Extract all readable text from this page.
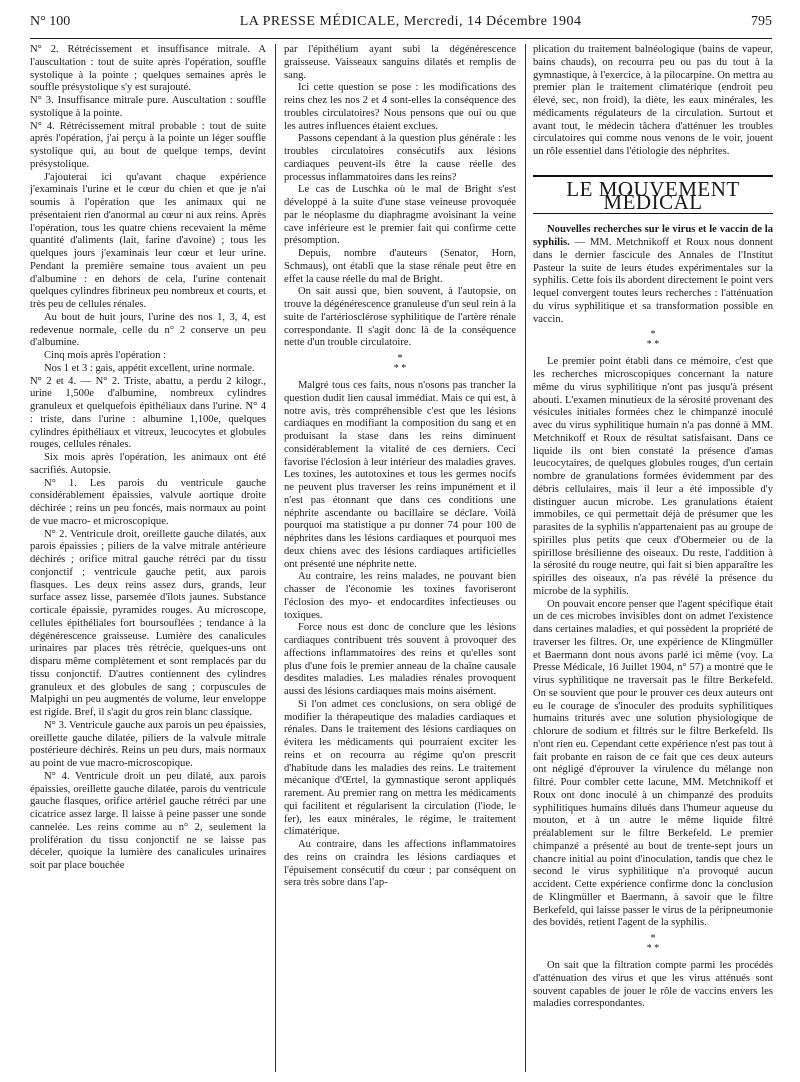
N° 100	LA PRESSE MÉDICALE, Mercredi, 14 Décembre 1904	795

N° 2. Rétrécissement et insuffisance mitrale. A l'auscultation : tout de suite après l'opération, souffle systolique à la pointe ; quelques semaines après le souffle présystolique s'y est surajouté.

N° 3. Insuffisance mitrale pure. Auscultation : souffle systolique à la pointe.

N° 4. Rétrécissement mitral probable : tout de suite après l'opération, j'ai perçu à la pointe un léger souffle systolique qui, au bout de quelque temps, devint présystolique.

J'ajouterai ici qu'avant chaque expérience j'examinais l'urine et le cœur du chien et que je n'ai soumis à l'opération que les animaux qui ne présentaient rien d'anormal au cœur ni aux reins. Après l'opération, tous les quatre chiens recevaient la même quantité d'aliments (lait, farine d'avoine) ; tous les quelques jours j'examinais leur cœur et leur urine. Pendant la première semaine tous avaient un peu d'albumine : en dehors de cela, l'urine contenait quelques cylindres fibrineux peu nombreux et courts, et très peu de cellules rénales.

Au bout de huit jours, l'urine des nos 1, 3, 4, est redevenue normale, celle du n° 2 conserve un peu d'albumine.

Cinq mois après l'opération :

Nos 1 et 3 : gais, appétit excellent, urine normale.

N° 2 et 4. — N° 2. Triste, abattu, a perdu 2 kilogr., urine 1,500e d'albumine, nombreux cylindres granuleux et quelquefois épithéliaux dans l'urine. N° 4 : triste, dans l'urine : albumine 1,100e, quelques cylindres épithéliaux et vitreux, leucocytes et globules rouges, cellules rénales.

Six mois après l'opération, les animaux ont été sacrifiés. Autopsie.

N° 1. Les parois du ventricule gauche considérablement épaissies, valvule aortique droite déchirée ; reins un peu foncés, mais normaux au point de vue macro- et microscopique.

N° 2. Ventricule droit, oreillette gauche dilatés, aux parois épaissies ; piliers de la valve mitrale antérieure déchirés ; orifice mitral gauche rétréci par du tissu conjonctif ; ventricule gauche petit, aux parois flasques. Les deux reins assez durs, grands, leur surface assez lisse, parsemée d'îlots jaunes. Substance corticale épaissie, pyramides rouges. Au microscope, cellules épithéliales fort boursouflées ; tendance à la dégénérescence graisseuse. Lumière des canalicules urinaires par places très rétrécie, quelques-uns ont disparu même complètement et sont remplacés par du tissu conjonctif. D'autres contiennent des cylindres granuleux et des globules de sang ; corpuscules de Malpighi un peu augmentés de volume, leur enveloppe est rigide. Bref, il s'agit du gros rein blanc classique.

N° 3. Ventricule gauche aux parois un peu épaissies, oreillette gauche dilatée, piliers de la valvule mitrale postérieure déchirés. Reins un peu durs, mais normaux au point de vue macro-microscopique.

N° 4. Ventricule droit un peu dilaté, aux parois épaissies, oreillette gauche dilatée, parois du ventricule gauche flasques, orifice artériel gauche rétréci par une cicatrice assez large. Il laisse à peine passer une sonde cannelée. Les reins comme au n° 2, seulement la prolifération du tissu conjonctif ne se laisse pas déceler, quoique la lumière des canalicules urinaires soit par place bouchée

par l'épithélium ayant subi la dégénérescence graisseuse. Vaisseaux sanguins dilatés et remplis de sang.

Ici cette question se pose : les modifications des reins chez les nos 2 et 4 sont-elles la conséquence des troubles circulatoires? Nous pensons que oui ou que les autres influences étaient exclues.

Passons cependant à la question plus générale : les troubles circulatoires consécutifs aux lésions cardiaques peuvent-ils être la cause réelle des processus inflammatoires dans les reins?

Le cas de Luschka où le mal de Bright s'est développé à la suite d'une stase veineuse provoquée par le néoplasme du diaphragme avoisinant la veine cave inférieure est le premier fait qui confirme cette présomption.

Depuis, nombre d'auteurs (Senator, Horn, Schmaus), ont établi que la stase rénale peut être en effet la cause réelle du mal de Bright.

On sait aussi que, bien souvent, à l'autopsie, on trouve la dégénérescence granuleuse d'un seul rein à la suite de l'artériosclérose syphilitique de l'artère rénale correspondante. Il s'agit donc là de la conséquence nette d'un trouble circulatoire.

*
* *

Malgré tous ces faits, nous n'osons pas trancher la question dudit lien causal immédiat. Mais ce qui est, à notre avis, très compréhensible c'est que les lésions cardiaques en modifiant la composition du sang et en produisant la stase dans les reins diminuent considérablement la vitalité de ces derniers. Ceci favorise l'éclosion à leur intérieur des maladies graves. Les toxines, les autotoxines et tous les germes nocifs ne peuvent plus traverser les reins impunément et il n'est pas étonnant que dans ces conditions une néphrite ascendante ou bacillaire se déclare. Voilà pourquoi ma statistique a pu donner 74 pour 100 de néphrites dans les lésions cardiaques et pourquoi mes deux chiens avec des lésions cardiaques artificielles ont présenté une néphrite nette.

Au contraire, les reins malades, ne pouvant bien chasser de l'économie les toxines favoriseront l'éclosion des myo- et endocardites infectieuses ou toxiques.

Force nous est donc de conclure que les lésions cardiaques contribuent très souvent à provoquer des affections inflammatoires des reins et qu'elles sont plus d'une fois le premier anneau de la chaîne causale desdites maladies. Les maladies rénales provoquent aussi des lésions cardiaques mais moins aisément.

Si l'on admet ces conclusions, on sera obligé de modifier la thérapeutique des maladies cardiaques et rénales. Dans le traitement des lésions cardiaques on évitera les médicaments qui pourraient exciter les reins et on recourra au régime qu'on prescrit d'habitude dans les maladies des reins. Le traitement mécanique d'Œrtel, la gymnastique seront appliqués rarement. Au premier rang on mettra les médicaments qui facilitent et régularisent la circulation (l'iode, le fer), les eaux minérales, le régime, le traitement climatérique.

Au contraire, dans les affections inflammatoires des reins on craindra les lésions cardiaques et l'épuisement consécutif du cœur ; par conséquent on sera très sobre dans l'ap-

plication du traitement balnéologique (bains de vapeur, bains chauds), on recourra peu ou pas du tout à la gymnastique, à l'exercice, à la pilocarpine. On mettra au premier plan le traitement climatérique (endroit peu élevé, sec, non froid), la diète, les eaux minérales, les médicaments régulateurs de la circulation. Surtout et avant tout, le médecin tâchera d'atténuer les troubles circulatoires qui comme nous venons de le voir, jouent un rôle essentiel dans l'étiologie des néphrites.

LE MOUVEMENT MÉDICAL

Nouvelles recherches sur le virus et le vaccin de la syphilis. — MM. Metchnikoff et Roux nous donnent dans le dernier fascicule des Annales de l'Institut Pasteur la suite de leurs études expérimentales sur la syphilis. Cette fois ils abordent directement le point vers lequel convergent toutes leurs recherches : l'atténuation du virus syphilitique et sa transformation possible en vaccin.

*
* *

Le premier point établi dans ce mémoire, c'est que les recherches microscopiques concernant la nature même du virus syphilitique n'ont pas jusqu'à présent abouti. L'examen minutieux de la sérosité provenant des vésicules initiales formées chez le chimpanzé inoculé avec du virus syphilitique humain n'a pas donné à MM. Metchnikoff et Roux de résultat satisfaisant. Dans ce liquide ils ont bien constaté la présence d'amas leucocytaires, de quelques globules rouges, d'un certain nombre de granulations formées évidemment par des débris cellulaires, mais il leur a été impossible d'y distinguer aucun microbe. Les granulations étaient immobiles, ce qui permettait déjà de présumer que les parasites de la syphilis n'appartenaient pas au groupe de spirilles plus petits que ceux d'Obermeier ou de la spirillose brésilienne des oiseaux. Du reste, l'addition à la sérosité du rouge neutre, qui fait si bien apparaître les spirilles des oiseaux, n'a pas révélé la présence du microbe de la syphilis.

On pouvait encore penser que l'agent spécifique était un de ces microbes invisibles dont on admet l'existence dans certaines maladies, et qui possèdent la propriété de traverser les filtres. Or, une expérience de Klingmüller et Baermann dont nous avons parlé ici même (voy. La Presse Médicale, 16 Juillet 1904, n° 57) a montré que le virus syphilitique ne traversait pas le filtre Berkefeld. On se souvient que pour le prouver ces deux auteurs ont eu le courage de s'inoculer des produits syphilitiques humains triturés avec une solution physiologique de chlorure de sodium et filtrés sur le filtre Berkefeld. Ils n'ont rien eu. Cependant cette expérience n'est pas tout à fait probante en raison de ce fait que ces deux auteurs ont négligé d'éprouver la virulence du mélange non filtré. Pour combler cette lacune, MM. Metchnikoff et Roux ont donc inoculé à un chimpanzé des produits syphilitiques humains dilués dans l'humeur aqueuse du mouton, et à un autre le même liquide filtré préalablement sur le filtre Berkefeld. Le premier chimpanzé a présenté au bout de trente-sept jours un chancre initial au point d'inoculation, tandis que chez le second le virus syphilitique n'a provoqué aucun accident. Cette expérience confirme donc la conclusion de Klingmüller et Baermann, à savoir que le filtre Berkefeld, qui laisse passer le virus de la péripneumonie des bovidés, retient l'agent de la syphilis.

*
* *

On sait que la filtration compte parmi les procédés d'atténuation des virus et que les virus atténués sont souvent capables de jouer le rôle de vaccins envers les maladies correspondantes.
